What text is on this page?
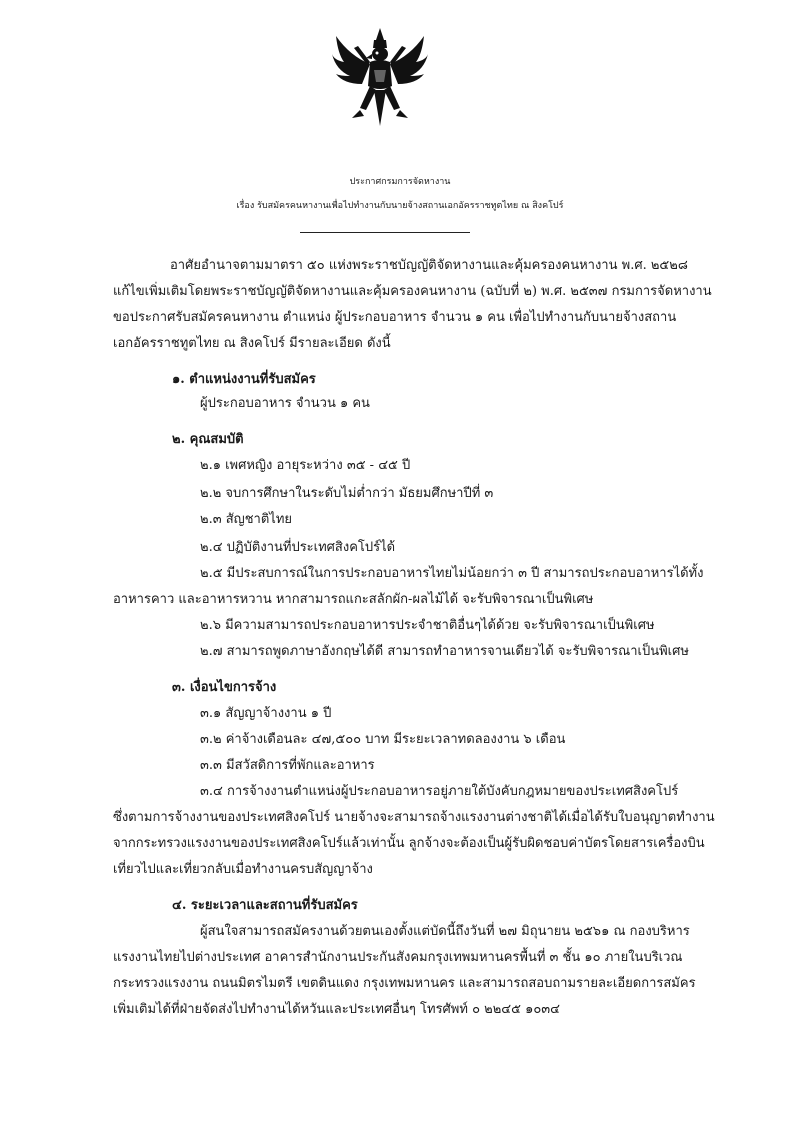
ประกาศกรมการจัดหางาน
เรื่อง รับสมัครคนหางานเพื่อไปทำงานกับนายจ้างสถานเอกอัครราชทูตไทย ณ สิงคโปร์
อาศัยอำนาจตามมาตรา ๕๐ แห่งพระราชบัญญัติจัดหางานและคุ้มครองคนหางาน พ.ศ. ๒๕๒๘
แก้ไขเพิ่มเติมโดยพระราชบัญญัติจัดหางานและคุ้มครองคนหางาน (ฉบับที่ ๒) พ.ศ. ๒๕๓๗ กรมการจัดหางาน
ขอประกาศรับสมัครคนหางาน ตำแหน่ง ผู้ประกอบอาหาร จำนวน ๑ คน เพื่อไปทำงานกับนายจ้างสถาน
เอกอัครราชทูตไทย ณ สิงคโปร์ มีรายละเอียด ดังนี้
๑. ตำแหน่งงานที่รับสมัคร
ผู้ประกอบอาหาร จำนวน ๑ คน
๒. คุณสมบัติ
๒.๑ เพศหญิง อายุระหว่าง ๓๕ - ๔๕ ปี
๒.๒ จบการศึกษาในระดับไม่ต่ำกว่า มัธยมศึกษาปีที่ ๓
๒.๓ สัญชาติไทย
๒.๔ ปฏิบัติงานที่ประเทศสิงคโปร์ได้
๒.๕ มีประสบการณ์ในการประกอบอาหารไทยไม่น้อยกว่า ๓ ปี สามารถประกอบอาหารได้ทั้ง
อาหารคาว และอาหารหวาน หากสามารถแกะสลักผัก-ผลไม้ได้ จะรับพิจารณาเป็นพิเศษ
๒.๖ มีความสามารถประกอบอาหารประจำชาติอื่นๆได้ด้วย จะรับพิจารณาเป็นพิเศษ
๒.๗ สามารถพูดภาษาอังกฤษได้ดี สามารถทำอาหารจานเดียวได้ จะรับพิจารณาเป็นพิเศษ
๓. เงื่อนไขการจ้าง
๓.๑ สัญญาจ้างงาน ๑ ปี
๓.๒ ค่าจ้างเดือนละ ๔๗,๕๐๐ บาท มีระยะเวลาทดลองงาน ๖ เดือน
๓.๓ มีสวัสดิการที่พักและอาหาร
๓.๔ การจ้างงานตำแหน่งผู้ประกอบอาหารอยู่ภายใต้บังคับกฎหมายของประเทศสิงคโปร์
ซึ่งตามการจ้างงานของประเทศสิงคโปร์ นายจ้างจะสามารถจ้างแรงงานต่างชาติได้เมื่อได้รับใบอนุญาตทำงาน
จากกระทรวงแรงงานของประเทศสิงคโปร์แล้วเท่านั้น ลูกจ้างจะต้องเป็นผู้รับผิดชอบค่าบัตรโดยสารเครื่องบิน
เที่ยวไปและเที่ยวกลับเมื่อทำงานครบสัญญาจ้าง
๔. ระยะเวลาและสถานที่รับสมัคร
ผู้สนใจสามารถสมัครงานด้วยตนเองตั้งแต่บัดนี้ถึงวันที่ ๒๗ มิถุนายน ๒๕๖๑ ณ กองบริหาร
แรงงานไทยไปต่างประเทศ อาคารสำนักงานประกันสังคมกรุงเทพมหานครพื้นที่ ๓ ชั้น ๑๐ ภายในบริเวณ
กระทรวงแรงงาน ถนนมิตรไมตรี เขตดินแดง กรุงเทพมหานคร และสามารถสอบถามรายละเอียดการสมัคร
เพิ่มเติมได้ที่ฝ่ายจัดส่งไปทำงานได้หวันและประเทศอื่นๆ โทรศัพท์ ๐ ๒๒๔๕ ๑๐๓๔
